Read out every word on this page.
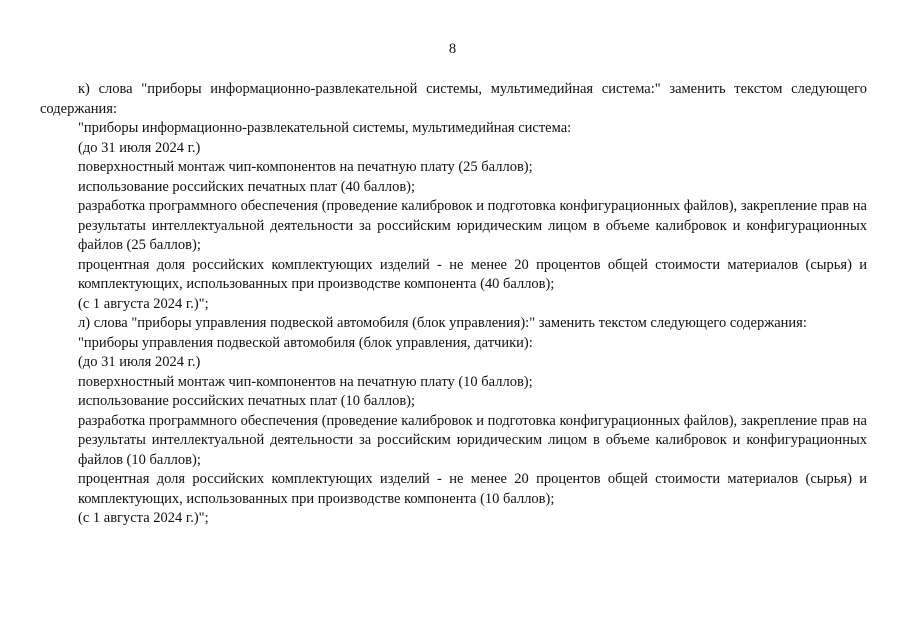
8

к) слова "приборы информационно-развлекательной системы, мультимедийная система:" заменить текстом следующего содержания:

"приборы информационно-развлекательной системы, мультимедийная система:

(до 31 июля 2024 г.)

поверхностный монтаж чип-компонентов на печатную плату (25 баллов);

использование российских печатных плат (40 баллов);

разработка программного обеспечения (проведение калибровок и подготовка конфигурационных файлов), закрепление прав на результаты интеллектуальной деятельности за российским юридическим лицом в объеме калибровок и конфигурационных файлов (25 баллов);

процентная доля российских комплектующих изделий - не менее 20 процентов общей стоимости материалов (сырья) и комплектующих, использованных при производстве компонента (40 баллов);

(с 1 августа 2024 г.)";

л) слова "приборы управления подвеской автомобиля (блок управления):" заменить текстом следующего содержания:

"приборы управления подвеской автомобиля (блок управления, датчики):

(до 31 июля 2024 г.)

поверхностный монтаж чип-компонентов на печатную плату (10 баллов);

использование российских печатных плат (10 баллов);

разработка программного обеспечения (проведение калибровок и подготовка конфигурационных файлов), закрепление прав на результаты интеллектуальной деятельности за российским юридическим лицом в объеме калибровок и конфигурационных файлов (10 баллов);

процентная доля российских комплектующих изделий - не менее 20 процентов общей стоимости материалов (сырья) и комплектующих, использованных при производстве компонента (10 баллов);

(с 1 августа 2024 г.)";
